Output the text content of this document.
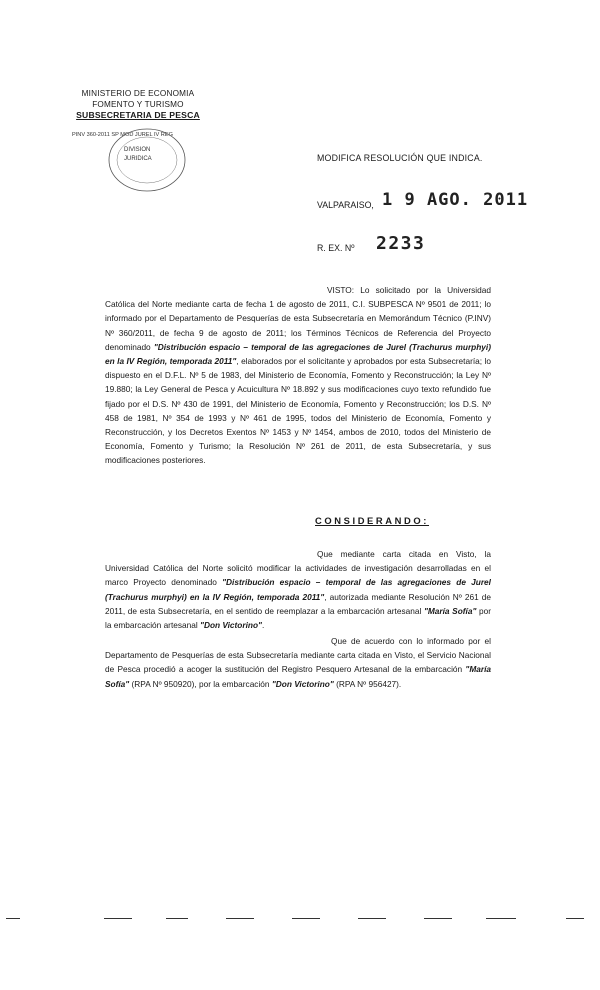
MINISTERIO DE ECONOMIA
FOMENTO Y TURISMO
SUBSECRETARIA DE PESCA
PINV 360-2011 SP MOD JUREL IV REG
DIVISION
JURIDICA	MODIFICA RESOLUCIÓN QUE INDICA.
VALPARAISO, 1 9 AGO. 2011
R. EX. Nº 2233
VISTO: Lo solicitado por la Universidad Católica del Norte mediante carta de fecha 1 de agosto de 2011, C.I. SUBPESCA Nº 9501 de 2011; lo informado por el Departamento de Pesquerías de esta Subsecretaría en Memorándum Técnico (P.INV) Nº 360/2011, de fecha 9 de agosto de 2011; los Términos Técnicos de Referencia del Proyecto denominado "Distribución espacio – temporal de las agregaciones de Jurel (Trachurus murphyi) en la IV Región, temporada 2011", elaborados por el solicitante y aprobados por esta Subsecretaría; lo dispuesto en el D.F.L. Nº 5 de 1983, del Ministerio de Economía, Fomento y Reconstrucción; la Ley Nº 19.880; la Ley General de Pesca y Acuicultura Nº 18.892 y sus modificaciones cuyo texto refundido fue fijado por el D.S. Nº 430 de 1991, del Ministerio de Economía, Fomento y Reconstrucción; los D.S. Nº 458 de 1981, Nº 354 de 1993 y Nº 461 de 1995, todos del Ministerio de Economía, Fomento y Reconstrucción, y los Decretos Exentos Nº 1453 y Nº 1454, ambos de 2010, todos del Ministerio de Economía, Fomento y Turismo; la Resolución Nº 261 de 2011, de esta Subsecretaría, y sus modificaciones posteriores.
CONSIDERANDO:
Que mediante carta citada en Visto, la Universidad Católica del Norte solicitó modificar la actividades de investigación desarrolladas en el marco Proyecto denominado "Distribución espacio – temporal de las agregaciones de Jurel (Trachurus murphyi) en la IV Región, temporada 2011", autorizada mediante Resolución Nº 261 de 2011, de esta Subsecretaría, en el sentido de reemplazar a la embarcación artesanal "María Sofía" por la embarcación artesanal "Don Victorino".
Que de acuerdo con lo informado por el Departamento de Pesquerías de esta Subsecretaría mediante carta citada en Visto, el Servicio Nacional de Pesca procedió a acoger la sustitución del Registro Pesquero Artesanal de la embarcación "María Sofía" (RPA Nº 950920), por la embarcación "Don Victorino" (RPA Nº 956427).
